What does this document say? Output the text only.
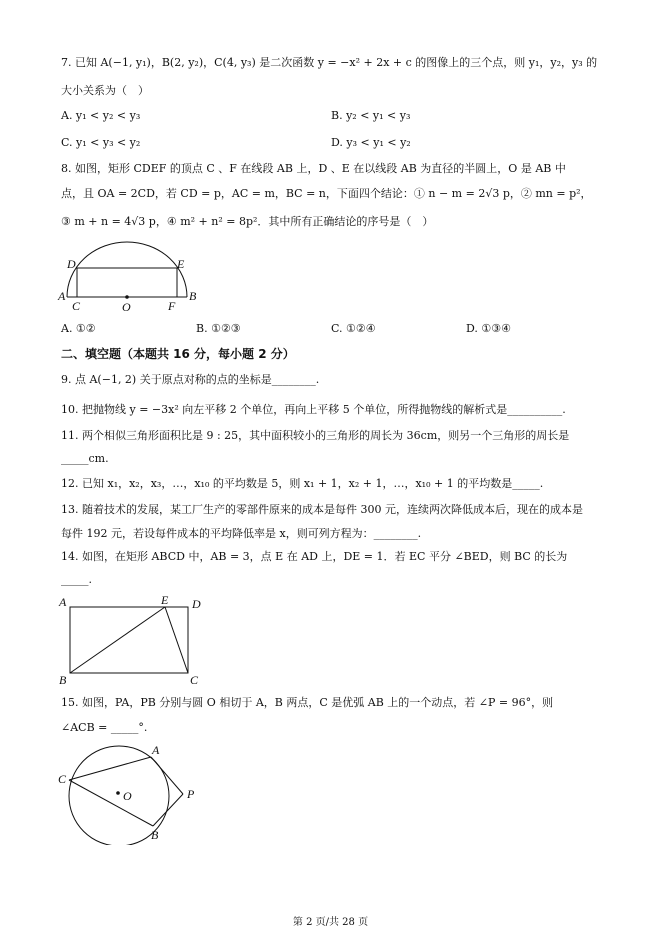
7. 已知 A(−1, y₁)，B(2, y₂)，C(4, y₃) 是二次函数 y = −x² + 2x + c 的图像上的三个点，则 y₁，y₂，y₃ 的
大小关系为（　）
A. y₁ < y₂ < y₃	B. y₂ < y₁ < y₃
C. y₁ < y₃ < y₂	D. y₃ < y₁ < y₂
8. 如图，矩形 CDEF 的顶点 C 、F 在线段 AB 上，D 、E 在以线段 AB 为直径的半圆上，O 是 AB 中
点，且 OA = 2CD，若 CD = p，AC = m，BC = n，下面四个结论：① n − m = 2√3 p，② mn = p²，
③ m + n = 4√3 p，④ m² + n² = 8p²．其中所有正确结论的序号是（　）
D	E
A	B
C	O	F
A. ①②	B. ①②③	C. ①②④	D. ①③④
二、填空题（本题共 16 分，每小题 2 分）
9. 点 A(−1, 2) 关于原点对称的点的坐标是________.
10. 把抛物线 y = −3x² 向左平移 2 个单位，再向上平移 5 个单位，所得抛物线的解析式是__________.
11. 两个相似三角形面积比是 9 : 25，其中面积较小的三角形的周长为 36cm，则另一个三角形的周长是
_____cm.
12. 已知 x₁，x₂，x₃，…，x₁₀ 的平均数是 5，则 x₁ + 1，x₂ + 1，…，x₁₀ + 1 的平均数是_____.
13. 随着技术的发展，某工厂生产的零部件原来的成本是每件 300 元，连续两次降低成本后，现在的成本是
每件 192 元，若设每件成本的平均降低率是 x，则可列方程为：________.
14. 如图，在矩形 ABCD 中，AB = 3，点 E 在 AD 上，DE = 1．若 EC 平分 ∠BED，则 BC 的长为
_____.
A	E D
B	C
15. 如图，PA，PB 分别与圆 O 相切于 A，B 两点，C 是优弧 AB 上的一个动点，若 ∠P = 96°，则
∠ACB = _____°.
A
C
O	P
B
第 2 页/共 28 页
